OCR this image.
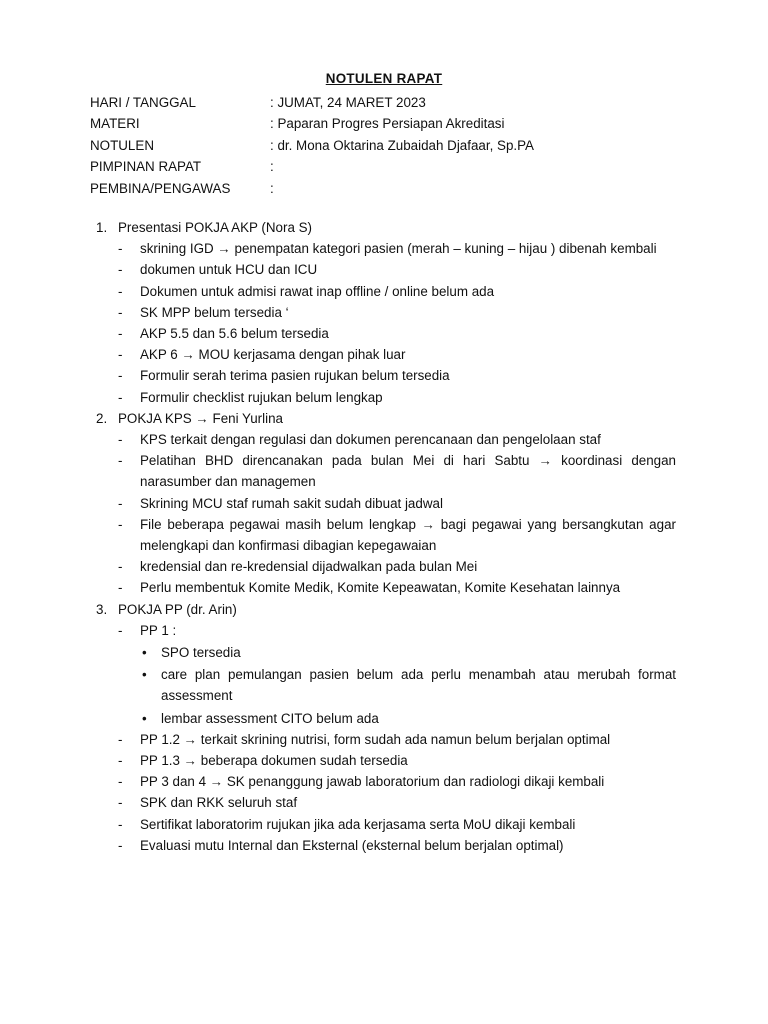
NOTULEN RAPAT
HARI / TANGGAL	: JUMAT, 24 MARET 2023
MATERI	: Paparan Progres Persiapan Akreditasi
NOTULEN	: dr. Mona Oktarina Zubaidah Djafaar, Sp.PA
PIMPINAN RAPAT	:
PEMBINA/PENGAWAS	:
1. Presentasi POKJA AKP (Nora S)
- skrining IGD → penempatan kategori pasien (merah – kuning – hijau ) dibenah kembali
- dokumen untuk HCU dan ICU
- Dokumen untuk admisi rawat inap offline / online belum ada
- SK MPP belum tersedia ‘
- AKP 5.5 dan 5.6 belum tersedia
- AKP 6 → MOU kerjasama dengan pihak luar
- Formulir serah terima pasien rujukan belum tersedia
- Formulir checklist rujukan belum lengkap
2. POKJA KPS → Feni Yurlina
- KPS terkait dengan regulasi dan dokumen perencanaan dan pengelolaan staf
- Pelatihan BHD direncanakan pada bulan Mei di hari Sabtu → koordinasi dengan narasumber dan managemen
- Skrining MCU staf rumah sakit sudah dibuat jadwal
- File beberapa pegawai masih belum lengkap → bagi pegawai yang bersangkutan agar melengkapi dan konfirmasi dibagian kepegawaian
- kredensial dan re-kredensial dijadwalkan pada bulan Mei
- Perlu membentuk Komite Medik, Komite Kepeawatan, Komite Kesehatan lainnya
3. POKJA PP (dr. Arin)
- PP 1 :
• SPO tersedia
• care plan pemulangan pasien belum ada perlu menambah atau merubah format assessment
• lembar assessment CITO belum ada
- PP 1.2 → terkait skrining nutrisi, form sudah ada namun belum berjalan optimal
- PP 1.3 → beberapa dokumen sudah tersedia
- PP 3 dan 4 → SK penanggung jawab laboratorium dan radiologi dikaji kembali
- SPK dan RKK seluruh staf
- Sertifikat laboratorim rujukan jika ada kerjasama serta MoU dikaji kembali
- Evaluasi mutu Internal dan Eksternal (eksternal belum berjalan optimal)
